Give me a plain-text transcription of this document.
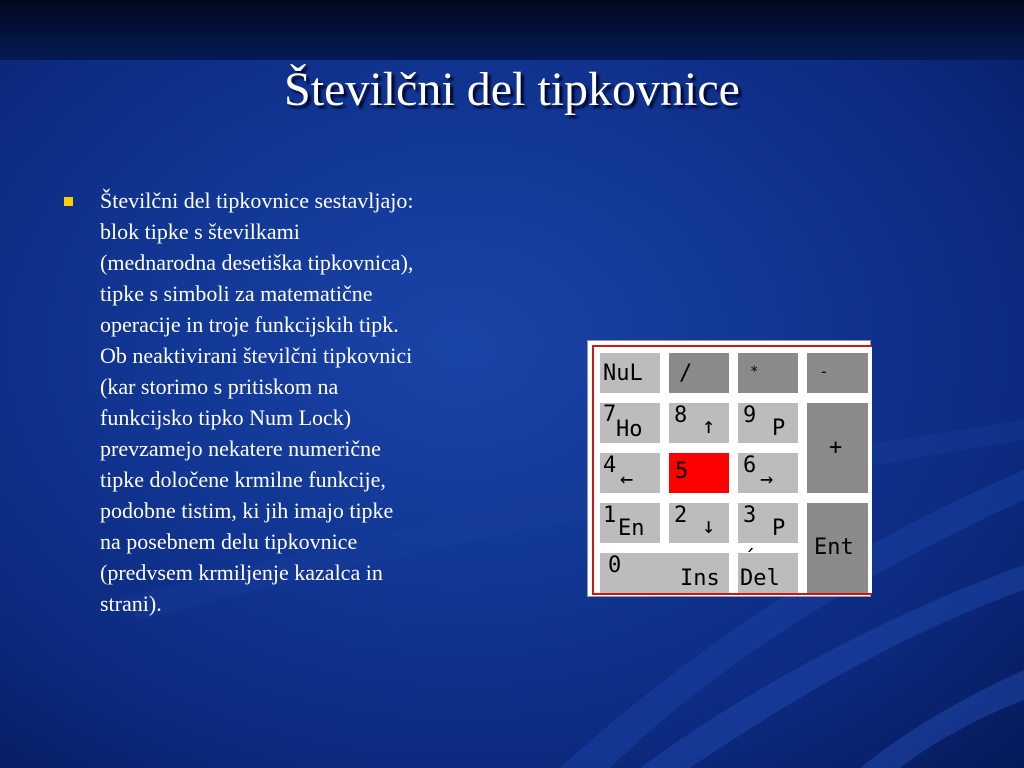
Številčni del tipkovnice

Številčni del tipkovnice sestavljajo:
blok tipke s številkami
(mednarodna desetiška tipkovnica),
tipke s simboli za matematične
operacije in troje funkcijskih tipk.
Ob neaktivirani številčni tipkovnici
(kar storimo s pritiskom na
funkcijsko tipko Num Lock)
prevzamejo nekatere numerične
tipke določene krmilne funkcije,
podobne tistim, ki jih imajo tipke
na posebnem delu tipkovnice
(predvsem krmiljenje kazalca in
strani).

NuL /	*	-
7
Ho
8 ↑ 9
P
+
4
← 5 6
→
1
En
2 ↓ 3
P
Ent
0
Ins
´
Del
